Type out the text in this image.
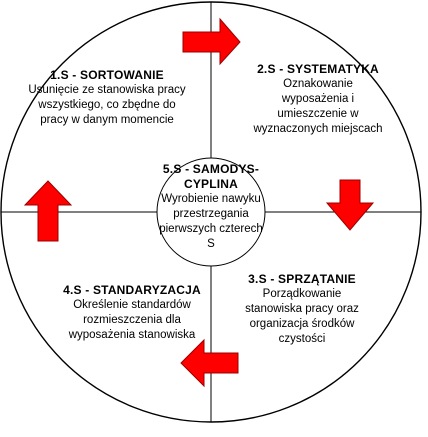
1.S - SORTOWANIE
Usunięcie ze stanowiska pracy wszystkiego, co zbędne do pracy w danym momencie
2.S - SYSTEMATYKA
Oznakowanie wyposażenia i umieszczenie w wyznaczonych miejscach
3.S - SPRZĄTANIE
Porządkowanie stanowiska pracy oraz organizacja środków czystości
4.S - STANDARYZACJA
Określenie standardów rozmieszczenia dla wyposażenia stanowiska
5.S - SAMODYS-
CYPLINA
Wyrobienie nawyku przestrzegania pierwszych czterech S
